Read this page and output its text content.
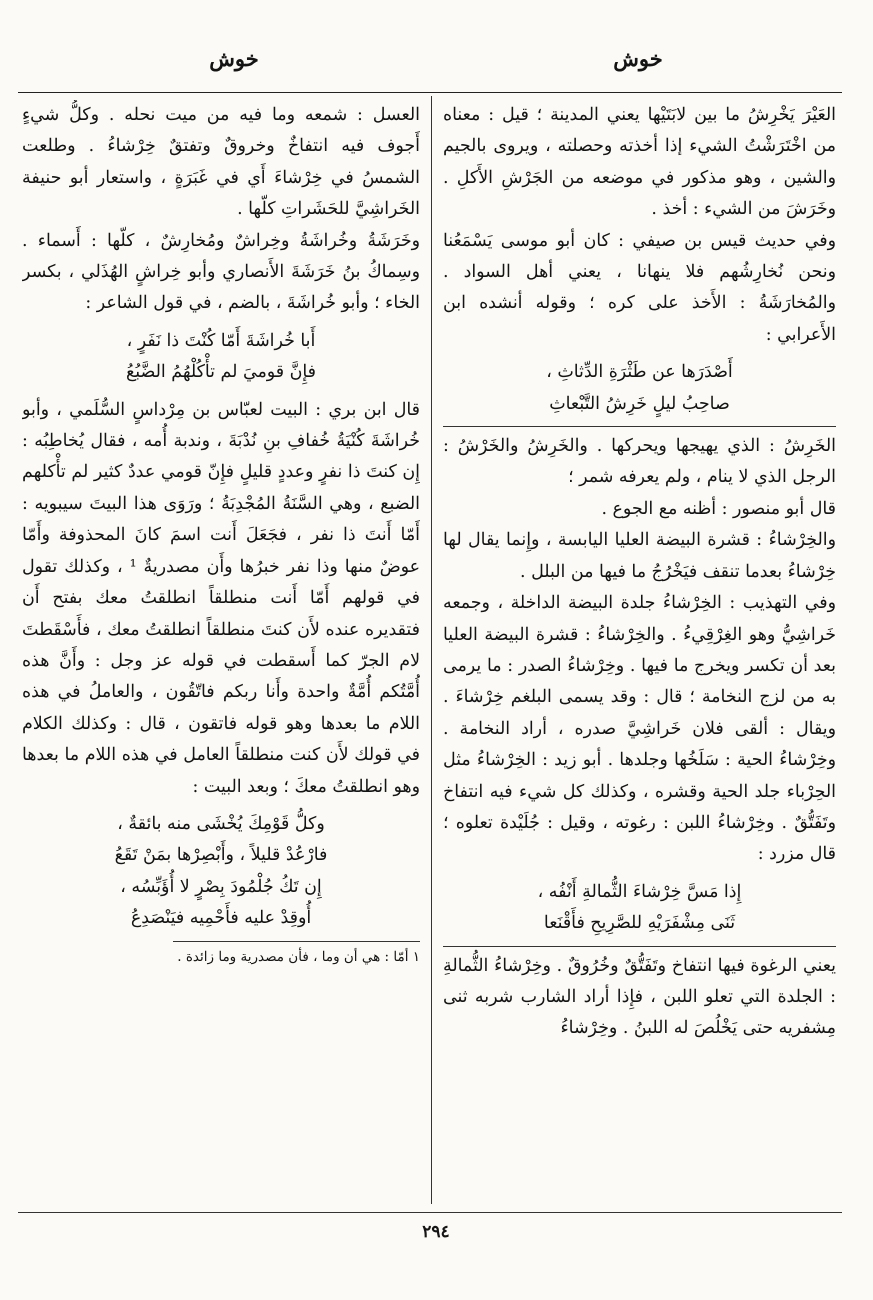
خوش
خوش

العَيْرَ يَخْرِشُ ما بين لابَتَيْها يعني المدينة ؛ قيل : معناه من اخْتَرَشْتُ الشيء إذا أخذته وحصلته ، ويروى بالجيم والشين ، وهو مذكور في موضعه من الجَرْشِ الأَكلِ . وخَرَشَ من الشيء : أخذ .

وفي حديث قيس بن صيفي : كان أبو موسى يَسْمَعُنا ونحن نُخارِشُهم فلا ينهانا ، يعني أهل السواد . والمُخارَشَةُ : الأَخذ على كره ؛ وقوله أنشده ابن الأَعرابي :

أَصْدَرَها عن طَثْرَةِ الدِّثاثِ ،
صاحِبُ ليلٍ خَرِشُ التَّبْعاثِ

الخَرِشُ : الذي يهيجها ويحركها . والخَرِشُ والخَرْشُ : الرجل الذي لا ينام ، ولم يعرفه شمر ؛

قال أبو منصور : أظنه مع الجوع .

والخِرْشاءُ : قشرة البيضة العليا اليابسة ، وإِنما يقال لها خِرْشاءُ بعدما تنقف فيَخْرُجُ ما فيها من البلل .

وفي التهذيب : الخِرْشاءُ جلدة البيضة الداخلة ، وجمعه خَراشِيُّ وهو الغِرْقِيءُ . والخِرْشاءُ : قشرة البيضة العليا بعد أن تكسر ويخرج ما فيها . وخِرْشاءُ الصدر : ما يرمى به من لزج النخامة ؛ قال : وقد يسمى البلغم خِرْشاءَ . ويقال : ألقى فلان خَراشِيَّ صدره ، أراد النخامة . وخِرْشاءُ الحية : سَلَخُها وجلدها . أبو زيد : الخِرْشاءُ مثل الحِرْباء جلد الحية وقشره ، وكذلك كل شيء فيه انتفاخ وتَفَتُّقٌ . وخِرْشاءُ اللبن : رغوته ، وقيل : جُلَيْدة تعلوه ؛ قال مزرد :

إِذا مَسَّ خِرْشاءَ الثُّمالةِ أَنْفُه ،
ثَنَى مِشْفَرَيْهِ للصَّرِيحِ فأَقْنَعا

يعني الرغوة فيها انتفاخ وتَفَتُّقٌ وخُرُوقٌ . وخِرْشاءُ الثُّمالةِ : الجلدة التي تعلو اللبن ، فإِذا أراد الشارب شربه ثنى مِشفريه حتى يَخْلُصَ له اللبنُ . وخِرْشاءُ

العسل : شمعه وما فيه من ميت نحله . وكلُّ شيءٍ أَجوف فيه انتفاخٌ وخروقٌ وتفتقٌ خِرْشاءُ . وطلعت الشمسُ في خِرْشاءَ أَي في غَبَرَةٍ ، واستعار أبو حنيفة الخَراشِيَّ للحَشَراتِ كلّها .

وخَرَشَةُ وخُراشَةُ وخِراشٌ ومُخارِشٌ ، كلّها : أَسماء . وسِماكُ بنُ خَرَشَةَ الأَنصاري وأبو خِراشٍ الهُذَلي ، بكسر الخاء ؛ وأبو خُراشَةَ ، بالضم ، في قول الشاعر :

أَبا خُراشَةَ أَمّا كُنْتَ ذا نَفَرٍ ،
فإِنَّ قوميَ لم تأْكُلْهُمُ الضَّبُعُ

قال ابن بري : البيت لعبّاس بن مِرْداسٍ السُّلَمي ، وأبو خُراشَةَ كُنْيَةُ خُفافِ بنِ نُدْبَةَ ، وندبة أُمه ، فقال يُخاطِبُه : إِن كنتَ ذا نفرٍ وعددٍ قليلٍ فإِنّ قومي عددٌ كثير لم تأْكلهم الضبع ، وهي السَّنَةُ المُجْدِبَةُ ؛ ورَوَى هذا البيتَ سيبويه : أَمّا أَنتَ ذا نفر ، فجَعَلَ أَنت اسمَ كانَ المحذوفة وأَمّا عوضٌ منها وذا نفر خبرُها وأَن مصدريةٌ ¹ ، وكذلك تقول في قولهم أَمّا أَنت منطلقاً انطلقتُ معك بفتح أَن فتقديره عنده لأَن كنتَ منطلقاً انطلقتُ معك ، فأَسْقَطتَ لام الجرّ كما أَسقطت في قوله عز وجل : وأَنَّ هذه أُمَّتُكم أُمَّةٌ واحدة وأَنا ربكم فاتّقُون ، والعاملُ في هذه اللام ما بعدها وهو قوله فاتقون ، قال : وكذلك الكلام في قولك لأَن كنت منطلقاً العامل في هذه اللام ما بعدها وهو انطلقتُ معكَ ؛ وبعد البيت :

وكلُّ قَوْمِكَ يُخْشَى منه بائقةٌ ،
فارْعُدْ قليلاً ، وأَبْصِرْها بمَنْ تَقَعُ
إِن تَكُ جُلْمُودَ بِصْرٍ لا أُؤَبِّسُه ،
أُوقِدْ عليه فأَحْمِيه فيَنْصَدِعُ
١ أمّا : هي أن وما ، فأن مصدرية وما زائدة .
٢٩٤
